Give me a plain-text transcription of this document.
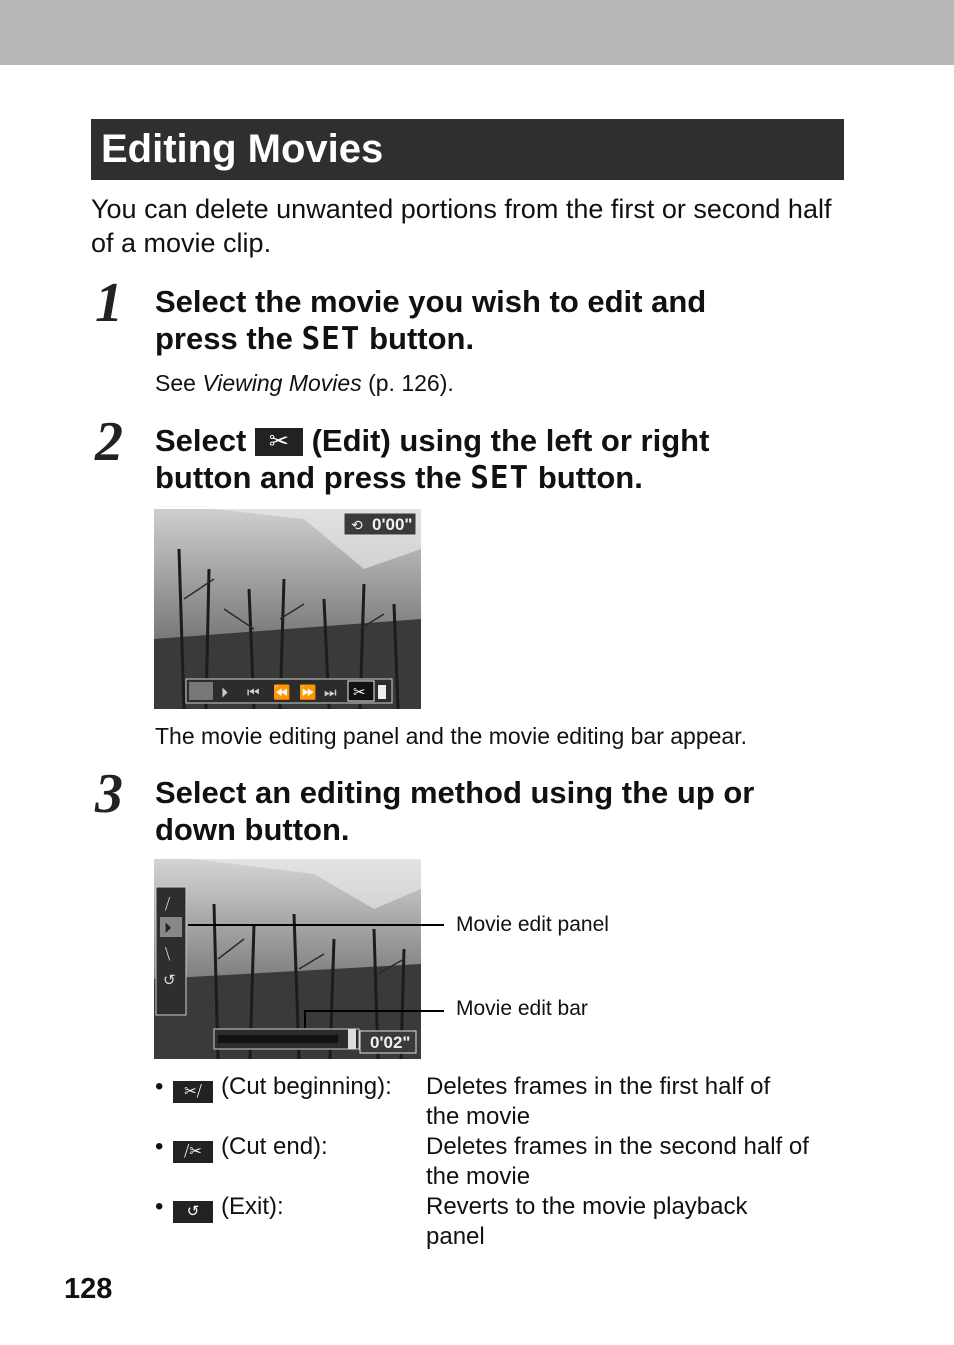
Editing Movies
You can delete unwanted portions from the first or second half of a movie clip.
1 Select the movie you wish to edit and
press the SET button.
See Viewing Movies (p. 126).
2 Select ✂ (Edit) using the left or right
button and press the SET button.
0'00"
⟲
⏵ ⏮ ⏪ ⏩ ⏭ ✂
The movie editing panel and the movie editing bar appear.
3 Select an editing method using the up or
down button.
⧸
⏵
⧹
↺
0'02"
Movie edit panel
Movie edit bar
•	✂⧸ (Cut beginning):	Deletes frames in the first half of
the movie
•	⧸✂ (Cut end):	Deletes frames in the second half of
the movie
•	↺ (Exit):	Reverts to the movie playback
panel
128
